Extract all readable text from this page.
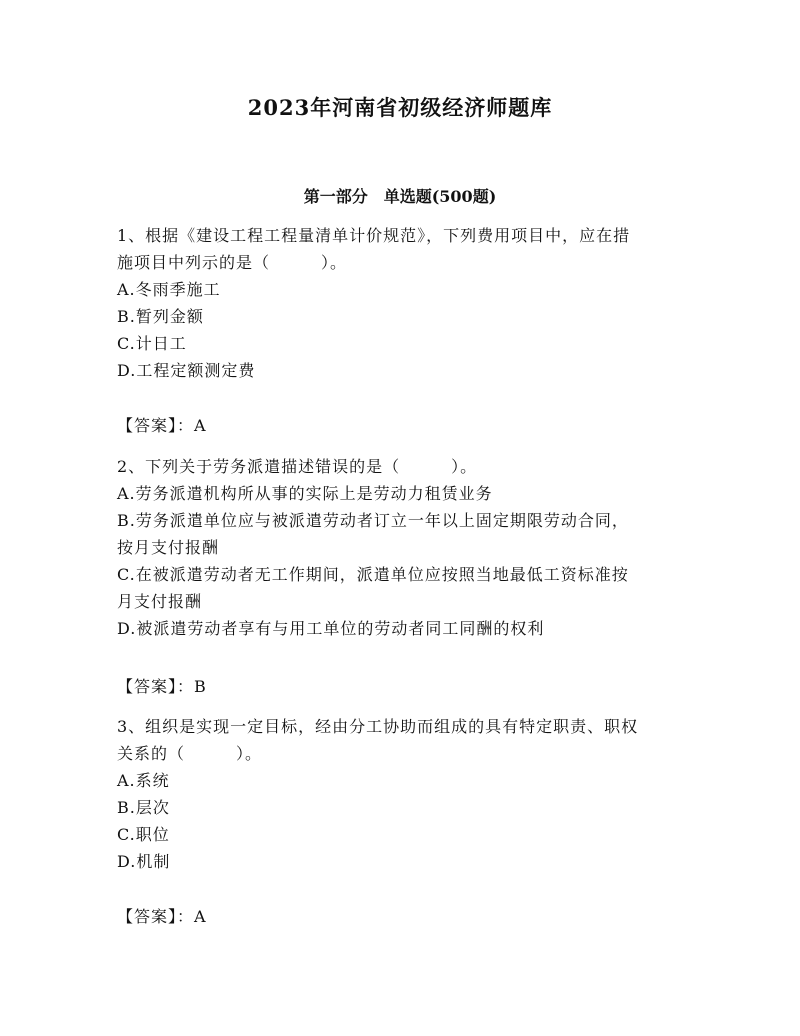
2023年河南省初级经济师题库
第一部分　单选题(500题)
1、根据《建设工程工程量清单计价规范》，下列费用项目中，应在措
施项目中列示的是（　　　）。
A.冬雨季施工
B.暂列金额
C.计日工
D.工程定额测定费
【答案】：A
2、下列关于劳务派遣描述错误的是（　　　）。
A.劳务派遣机构所从事的实际上是劳动力租赁业务
B.劳务派遣单位应与被派遣劳动者订立一年以上固定期限劳动合同，
按月支付报酬
C.在被派遣劳动者无工作期间，派遣单位应按照当地最低工资标准按
月支付报酬
D.被派遣劳动者享有与用工单位的劳动者同工同酬的权利
【答案】：B
3、组织是实现一定目标，经由分工协助而组成的具有特定职责、职权
关系的（　　　）。
A.系统
B.层次
C.职位
D.机制
【答案】：A
